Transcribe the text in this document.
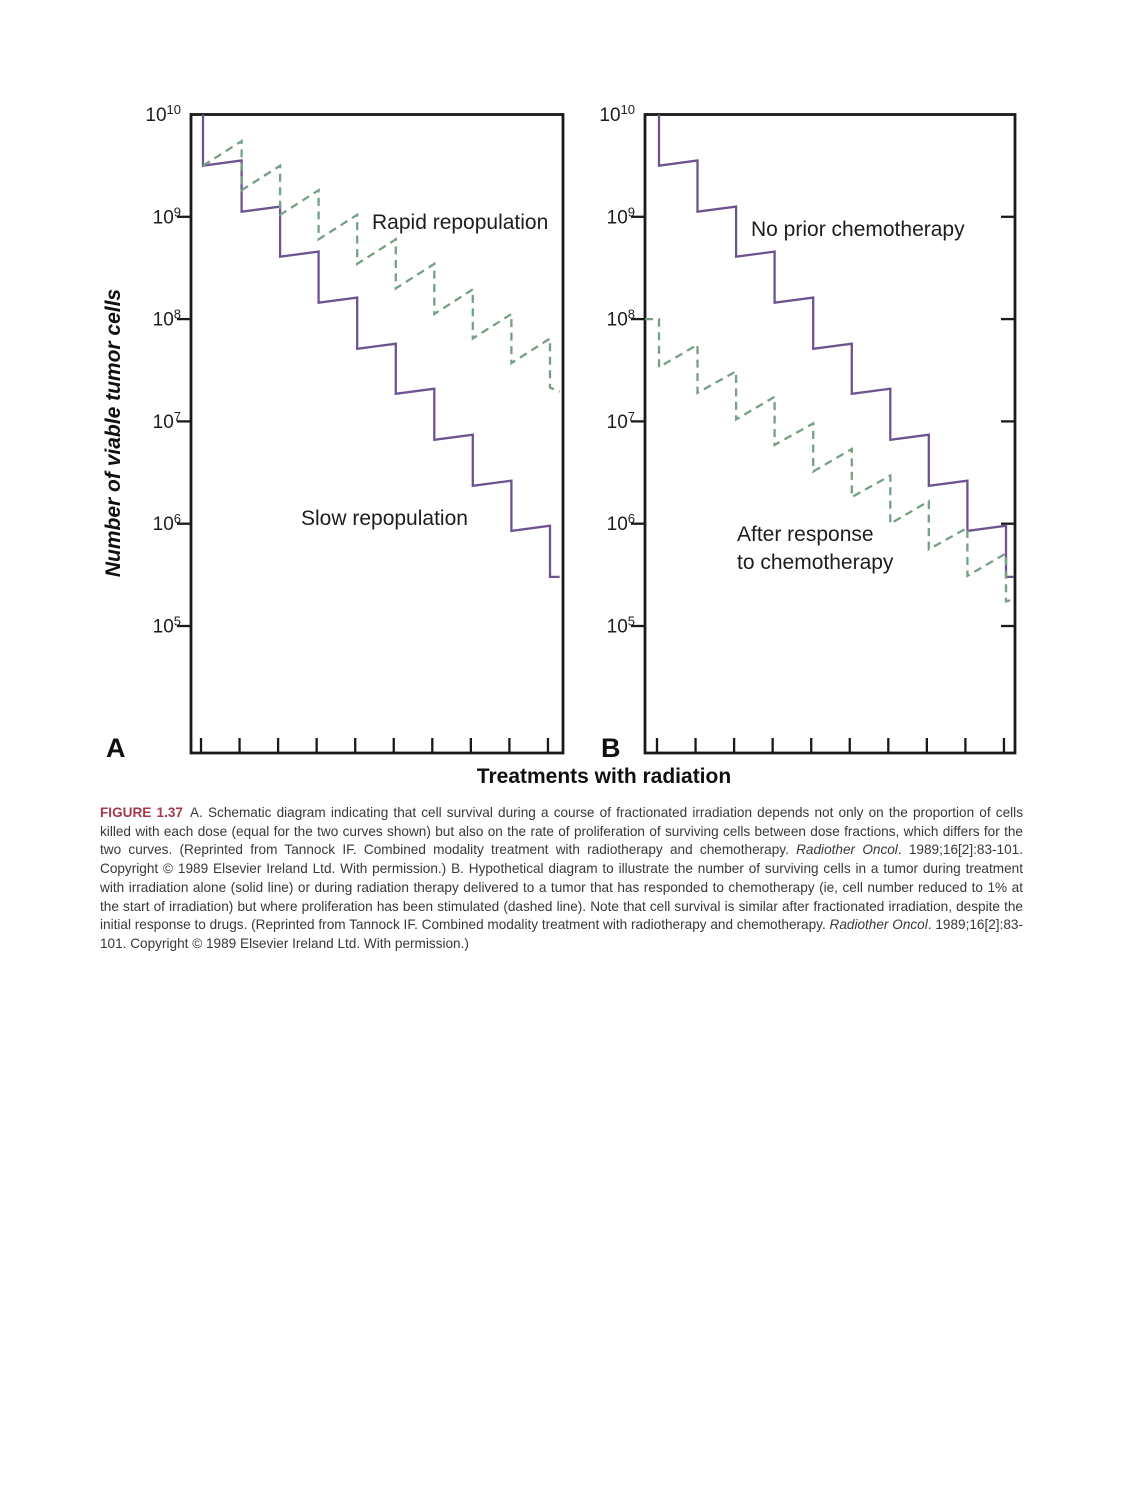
$10^{10}$
$10^9$
$10^8$
$10^7$
$10^6$
$10^5$
Rapid repopulation
Slow repopulation
A
$10^{10}$
$10^9$
$10^8$
$10^7$
$10^6$
$10^5$
No prior chemotherapy
After response
to chemotherapy
B
Treatments with radiation
Number of viable tumor cells
FIGURE 1.37 A. Schematic diagram indicating that cell survival during a course of fractionated irradiation depends not only on the proportion of cells killed with each dose (equal for the two curves shown) but also on the rate of proliferation of surviving cells between dose fractions, which differs for the two curves. (Reprinted from Tannock IF. Combined modality treatment with radiotherapy and chemotherapy. Radiother Oncol. 1989;16[2]:83-101. Copyright © 1989 Elsevier Ireland Ltd. With permission.) B. Hypothetical diagram to illustrate the number of surviving cells in a tumor during treatment with irradiation alone (solid line) or during radiation therapy delivered to a tumor that has responded to chemotherapy (ie, cell number reduced to 1% at the start of irradiation) but where proliferation has been stimulated (dashed line). Note that cell survival is similar after fractionated irradiation, despite the initial response to drugs. (Reprinted from Tannock IF. Combined modality treatment with radiotherapy and chemotherapy. Radiother Oncol. 1989;16[2]:83-101. Copyright © 1989 Elsevier Ireland Ltd. With permission.)
